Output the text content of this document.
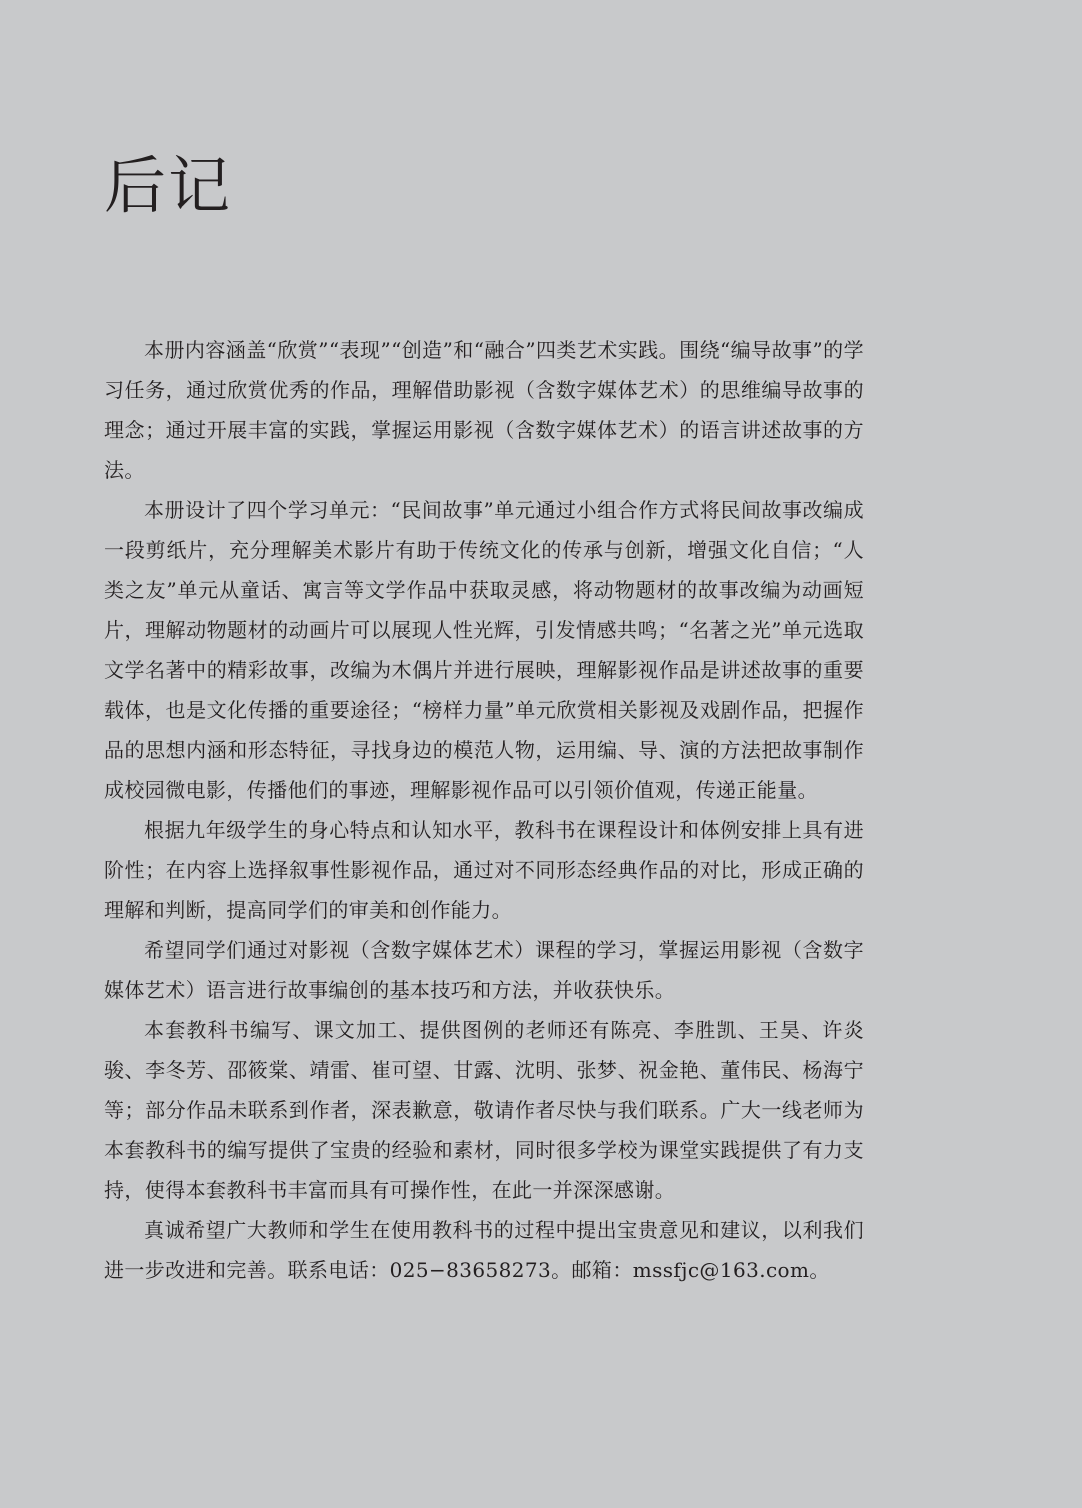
后记

本册内容涵盖“欣赏”“表现”“创造”和“融合”四类艺术实践。围绕“编导故事”的学习任务，通过欣赏优秀的作品，理解借助影视（含数字媒体艺术）的思维编导故事的理念；通过开展丰富的实践，掌握运用影视（含数字媒体艺术）的语言讲述故事的方法。

本册设计了四个学习单元：“民间故事”单元通过小组合作方式将民间故事改编成一段剪纸片，充分理解美术影片有助于传统文化的传承与创新，增强文化自信；“人类之友”单元从童话、寓言等文学作品中获取灵感，将动物题材的故事改编为动画短片，理解动物题材的动画片可以展现人性光辉，引发情感共鸣；“名著之光”单元选取文学名著中的精彩故事，改编为木偶片并进行展映，理解影视作品是讲述故事的重要载体，也是文化传播的重要途径；“榜样力量”单元欣赏相关影视及戏剧作品，把握作品的思想内涵和形态特征，寻找身边的模范人物，运用编、导、演的方法把故事制作成校园微电影，传播他们的事迹，理解影视作品可以引领价值观，传递正能量。

根据九年级学生的身心特点和认知水平，教科书在课程设计和体例安排上具有进阶性；在内容上选择叙事性影视作品，通过对不同形态经典作品的对比，形成正确的理解和判断，提高同学们的审美和创作能力。

希望同学们通过对影视（含数字媒体艺术）课程的学习，掌握运用影视（含数字媒体艺术）语言进行故事编创的基本技巧和方法，并收获快乐。

本套教科书编写、课文加工、提供图例的老师还有陈亮、李胜凯、王昊、许炎骏、李冬芳、邵筱棠、靖雷、崔可望、甘露、沈明、张梦、祝金艳、董伟民、杨海宁等；部分作品未联系到作者，深表歉意，敬请作者尽快与我们联系。广大一线老师为本套教科书的编写提供了宝贵的经验和素材，同时很多学校为课堂实践提供了有力支持，使得本套教科书丰富而具有可操作性，在此一并深深感谢。

真诚希望广大教师和学生在使用教科书的过程中提出宝贵意见和建议，以利我们进一步改进和完善。联系电话：025−83658273。邮箱：mssfjc@163.com。
